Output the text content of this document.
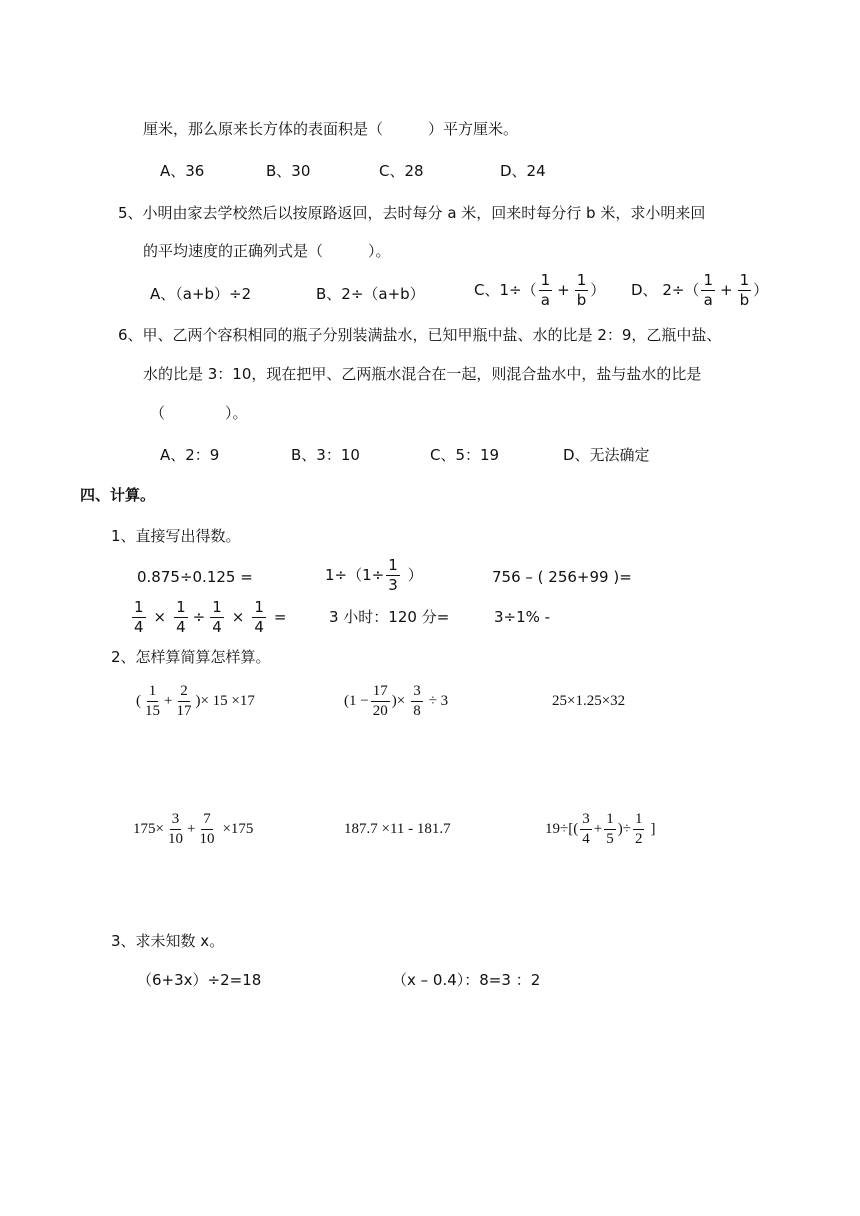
厘米，那么原来长方体的表面积是（　　　）平方厘米。
A、36	B、30	C、28	D、24
5、小明由家去学校然后以按原路返回，去时每分 a 米，回来时每分行 b 米，求小明来回
的平均速度的正确列式是（　　　）。
A、（a+b）÷2	B、2÷（a+b）	C、$1\div( \frac{1}{a} + \frac{1}{b}$ ） D、 $2\div( \frac{1}{a} + \frac{1}{b}$ ）
6、甲、乙两个容积相同的瓶子分别装满盐水，已知甲瓶中盐、水的比是 2：9，乙瓶中盐、
水的比是 3：10，现在把甲、乙两瓶水混合在一起，则混合盐水中，盐与盐水的比是
（　　　　）。
A、2：9	B、3：10	C、5：19	D、无法确定
四、计算。
1、直接写出得数。
0.875÷0.125 =	$1\div(1\div \frac{1}{3}$ ）	756 – ( 256+99 )=
$\frac{1}{4} \times \frac{1}{4} \div \frac{1}{4} \times \frac{1}{4}$ =	3 小时：120 分=	3÷1% -
2、怎样算简算怎样算。
( $\frac{1}{15} + \frac{2}{17}$ )× 15 ×17	($1 - \frac{17}{20}$ )× $\frac{3}{8} \div 3$	25×1.25×32
$175\times \frac{3}{10} + \frac{7}{10} \times 175$	187.7 ×11 - 181.7	$19\div[( \frac{3}{4} + \frac{1}{5}$ )÷ $\frac{1}{2}$ ]
3、求未知数 x。
（6+3x）÷2=18	（x – 0.4）：8=3 ：2
